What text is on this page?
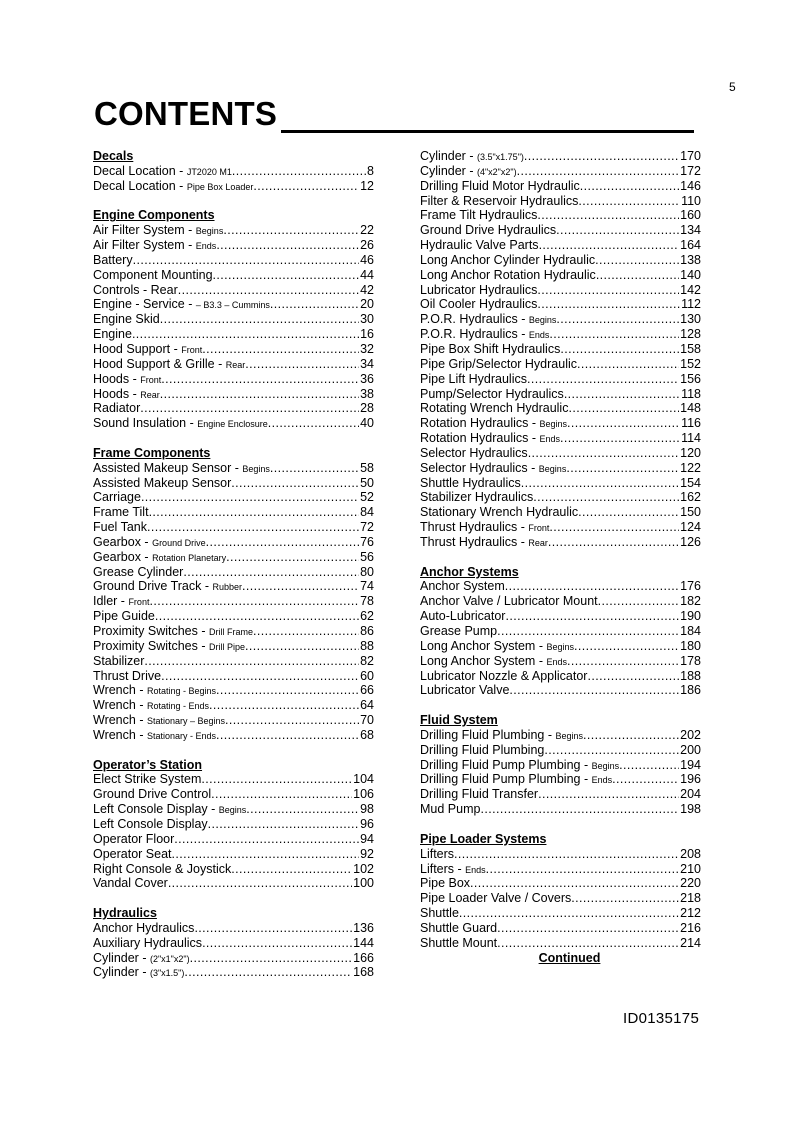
5
CONTENTS
Decals
Decal Location - JT2020 M1 .....	8
Decal Location - Pipe Box Loader .....	12
Engine Components
Air Filter System - Begins .....	22
Air Filter System - Ends .....	26
Battery .....	46
Component Mounting .....	44
Controls - Rear .....	42
Engine - Service - – B3.3 – Cummins .....	20
Engine Skid .....	30
Engine .....	16
Hood Support - Front .....	32
Hood Support & Grille - Rear .....	34
Hoods - Front .....	36
Hoods - Rear .....	38
Radiator .....	28
Sound Insulation - Engine Enclosure .....	40
Frame Components
Assisted Makeup Sensor - Begins .....	58
Assisted Makeup Sensor .....	50
Carriage .....	52
Frame Tilt .....	84
Fuel Tank .....	72
Gearbox - Ground Drive .....	76
Gearbox - Rotation Planetary .....	56
Grease Cylinder .....	80
Ground Drive Track - Rubber .....	74
Idler - Front .....	78
Pipe Guide .....	62
Proximity Switches - Drill Frame .....	86
Proximity Switches - Drill Pipe .....	88
Stabilizer .....	82
Thrust Drive .....	60
Wrench - Rotating - Begins .....	66
Wrench - Rotating - Ends .....	64
Wrench - Stationary – Begins .....	70
Wrench - Stationary - Ends .....	68
Operator’s Station
Elect Strike System .....	104
Ground Drive Control .....	106
Left Console Display - Begins .....	98
Left Console Display .....	96
Operator Floor .....	94
Operator Seat .....	92
Right Console & Joystick .....	102
Vandal Cover .....	100
Hydraulics
Anchor Hydraulics .....	136
Auxiliary Hydraulics .....	144
Cylinder - (2"x1"x2") .....	166
Cylinder - (3"x1.5") .....	168
Cylinder - (3.5"x1.75") .....	170
Cylinder - (4"x2"x2") .....	172
Drilling Fluid Motor Hydraulic .....	146
Filter & Reservoir Hydraulics .....	110
Frame Tilt Hydraulics .....	160
Ground Drive Hydraulics .....	134
Hydraulic Valve Parts .....	164
Long Anchor Cylinder Hydraulic .....	138
Long Anchor Rotation Hydraulic .....	140
Lubricator Hydraulics .....	142
Oil Cooler Hydraulics .....	112
P.O.R. Hydraulics - Begins .....	130
P.O.R. Hydraulics - Ends .....	128
Pipe Box Shift Hydraulics .....	158
Pipe Grip/Selector Hydraulic .....	152
Pipe Lift Hydraulics .....	156
Pump/Selector Hydraulics .....	118
Rotating Wrench Hydraulic .....	148
Rotation Hydraulics - Begins .....	116
Rotation Hydraulics - Ends .....	114
Selector Hydraulics .....	120
Selector Hydraulics - Begins .....	122
Shuttle Hydraulics .....	154
Stabilizer Hydraulics .....	162
Stationary Wrench Hydraulic .....	150
Thrust Hydraulics - Front .....	124
Thrust Hydraulics - Rear .....	126
Anchor Systems
Anchor System .....	176
Anchor Valve / Lubricator Mount .....	182
Auto-Lubricator .....	190
Grease Pump .....	184
Long Anchor System - Begins .....	180
Long Anchor System - Ends .....	178
Lubricator Nozzle & Applicator .....	188
Lubricator Valve .....	186
Fluid System
Drilling Fluid Plumbing - Begins .....	202
Drilling Fluid Plumbing .....	200
Drilling Fluid Pump Plumbing - Begins .....	194
Drilling Fluid Pump Plumbing - Ends .....	196
Drilling Fluid Transfer .....	204
Mud Pump .....	198
Pipe Loader Systems
Lifters .....	208
Lifters - Ends .....	210
Pipe Box .....	220
Pipe Loader Valve / Covers .....	218
Shuttle .....	212
Shuttle Guard .....	216
Shuttle Mount .....	214
Continued
ID0135175
